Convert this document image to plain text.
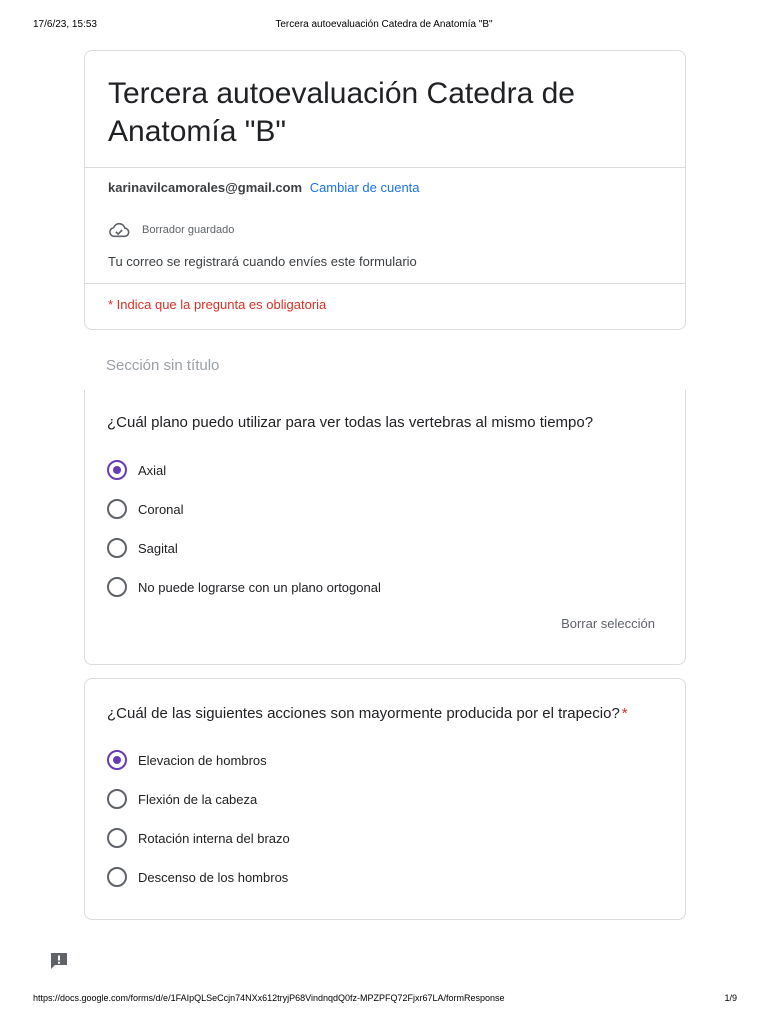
17/6/23, 15:53	Tercera autoevaluación Catedra de Anatomía "B"
Tercera autoevaluación Catedra de Anatomía "B"
karinavilcamorales@gmail.com Cambiar de cuenta
Borrador guardado
Tu correo se registrará cuando envíes este formulario
* Indica que la pregunta es obligatoria
Sección sin título
¿Cuál plano puedo utilizar para ver todas las vertebras al mismo tiempo?
Axial
Coronal
Sagital
No puede lograrse con un plano ortogonal
Borrar selección
¿Cuál de las siguientes acciones son mayormente producida por el trapecio? *
Elevacion de hombros
Flexión de la cabeza
Rotación interna del brazo
Descenso de los hombros
https://docs.google.com/forms/d/e/1FAIpQLSeCcjn74NXx612tryjP68VindnqdQ0fz-MPZPFQ72Fjxr67LA/formResponse	1/9
